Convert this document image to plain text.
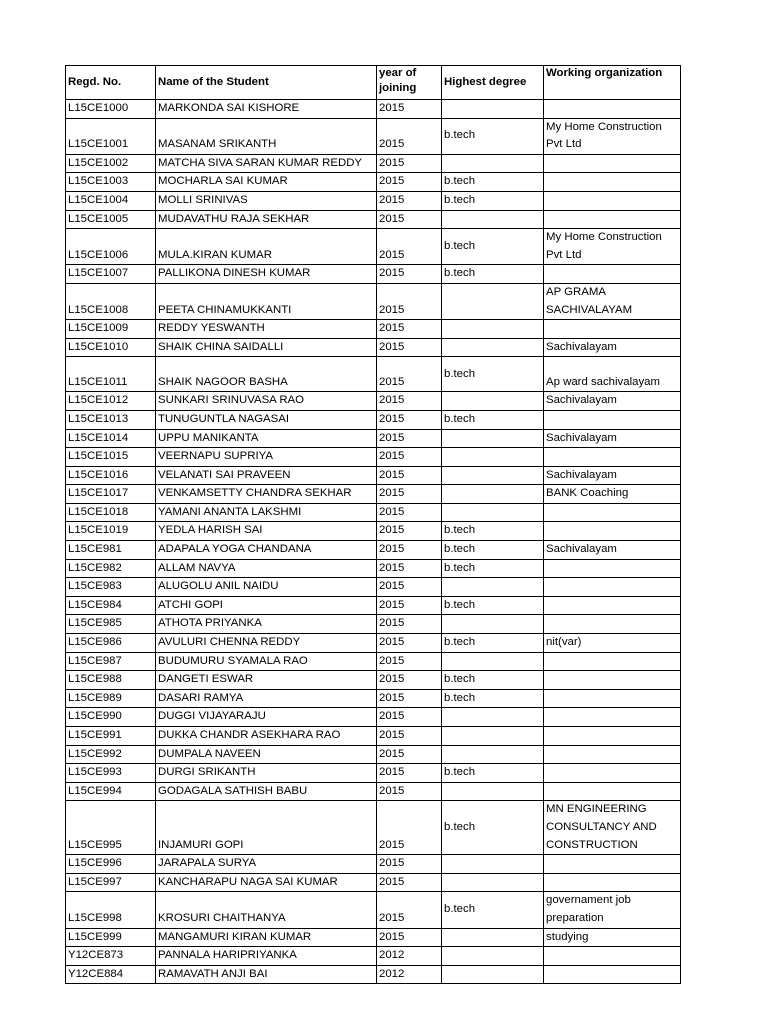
Regd. No.	Name of the Student	year of joining	Highest degree	Working organization
L15CE1000	MARKONDA SAI KISHORE	2015		
L15CE1001	MASANAM SRIKANTH	2015	b.tech	My Home Construction Pvt Ltd
L15CE1002	MATCHA SIVA SARAN KUMAR REDDY	2015		
L15CE1003	MOCHARLA SAI KUMAR	2015	b.tech	
L15CE1004	MOLLI SRINIVAS	2015	b.tech	
L15CE1005	MUDAVATHU RAJA SEKHAR	2015		
L15CE1006	MULA.KIRAN KUMAR	2015	b.tech	My Home Construction Pvt Ltd
L15CE1007	PALLIKONA DINESH KUMAR	2015	b.tech	
L15CE1008	PEETA CHINAMUKKANTI	2015		AP GRAMA SACHIVALAYAM
L15CE1009	REDDY YESWANTH	2015		
L15CE1010	SHAIK CHINA SAIDALLI	2015		Sachivalayam
L15CE1011	SHAIK NAGOOR BASHA	2015	b.tech	Ap ward sachivalayam
L15CE1012	SUNKARI SRINUVASA RAO	2015		Sachivalayam
L15CE1013	TUNUGUNTLA NAGASAI	2015	b.tech	
L15CE1014	UPPU MANIKANTA	2015		Sachivalayam
L15CE1015	VEERNAPU SUPRIYA	2015		
L15CE1016	VELANATI SAI PRAVEEN	2015		Sachivalayam
L15CE1017	VENKAMSETTY CHANDRA SEKHAR	2015		BANK Coaching
L15CE1018	YAMANI ANANTA LAKSHMI	2015		
L15CE1019	YEDLA HARISH SAI	2015	b.tech	
L15CE981	ADAPALA YOGA CHANDANA	2015	b.tech	Sachivalayam
L15CE982	ALLAM NAVYA	2015	b.tech	
L15CE983	ALUGOLU ANIL NAIDU	2015		
L15CE984	ATCHI GOPI	2015	b.tech	
L15CE985	ATHOTA PRIYANKA	2015		
L15CE986	AVULURI CHENNA REDDY	2015	b.tech	nit(var)
L15CE987	BUDUMURU SYAMALA RAO	2015		
L15CE988	DANGETI ESWAR	2015	b.tech	
L15CE989	DASARI RAMYA	2015	b.tech	
L15CE990	DUGGI VIJAYARAJU	2015		
L15CE991	DUKKA CHANDR ASEKHARA RAO	2015		
L15CE992	DUMPALA NAVEEN	2015		
L15CE993	DURGI SRIKANTH	2015	b.tech	
L15CE994	GODAGALA SATHISH BABU	2015		
L15CE995	INJAMURI GOPI	2015	b.tech	MN ENGINEERING CONSULTANCY AND CONSTRUCTION
L15CE996	JARAPALA SURYA	2015		
L15CE997	KANCHARAPU NAGA SAI KUMAR	2015		
L15CE998	KROSURI CHAITHANYA	2015	b.tech	governament job preparation
L15CE999	MANGAMURI KIRAN KUMAR	2015		studying
Y12CE873	PANNALA HARIPRIYANKA	2012		
Y12CE884	RAMAVATH ANJI BAI	2012		
